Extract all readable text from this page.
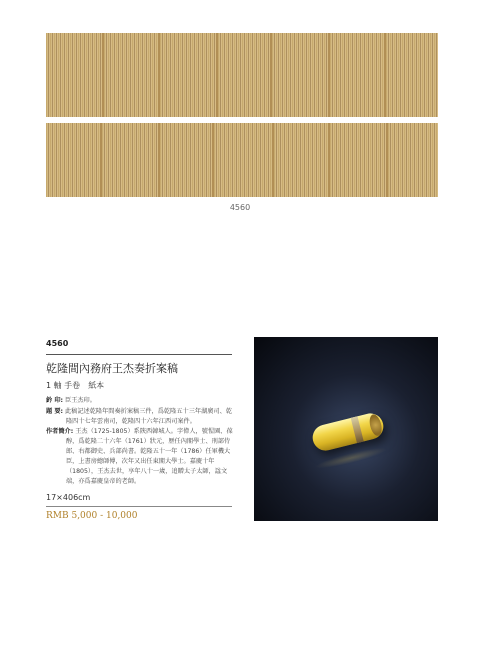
4560
4560
乾隆間內務府王杰奏折案稿
1 軸 手卷 紙本
鈐 印: 臣王杰印。
題 要: 此稿記述乾隆年間奏折案稿三件，爲乾隆五十三年湖廣司、乾隆四十七年雲南司，乾隆四十六年江西司案件。
作者簡介: 王杰（1725-1805）系陝西韓城人。字偉人，號惺園、葆醇，爲乾隆二十六年（1761）狀元，歷任內閣學士、刑部侍郎、右都御史、兵部尚書。乾隆五十一年（1786）任軍機大臣，上書房總師傅，次年又出任東閣大學士。嘉慶十年（1805），王杰去世，享年八十一歲，追贈太子太師，諡文端，亦爲嘉慶皇帝的老師。
17×406cm
RMB 5,000 - 10,000
